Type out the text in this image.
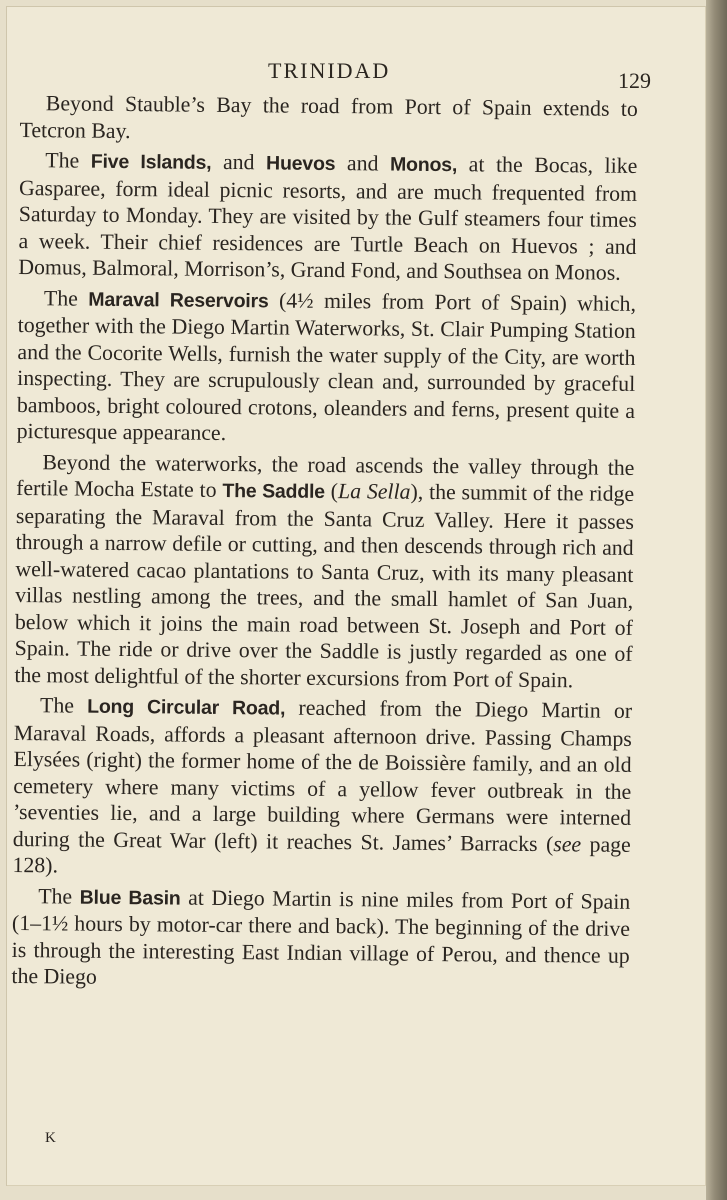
TRINIDAD	129

Beyond Stauble’s Bay the road from Port of Spain extends to Tetcron Bay.

The Five Islands, and Huevos and Monos, at the Bocas, like Gasparee, form ideal picnic resorts, and are much frequented from Saturday to Monday. They are visited by the Gulf steamers four times a week. Their chief residences are Turtle Beach on Huevos ; and Domus, Balmoral, Morrison’s, Grand Fond, and Southsea on Monos.

The Maraval Reservoirs (4½ miles from Port of Spain) which, together with the Diego Martin Waterworks, St. Clair Pumping Station and the Cocorite Wells, furnish the water supply of the City, are worth inspecting. They are scrupulously clean and, surrounded by graceful bamboos, bright coloured crotons, oleanders and ferns, present quite a picturesque appearance.

Beyond the waterworks, the road ascends the valley through the fertile Mocha Estate to The Saddle (La Sella), the summit of the ridge separating the Maraval from the Santa Cruz Valley. Here it passes through a narrow defile or cutting, and then descends through rich and well-watered cacao plantations to Santa Cruz, with its many pleasant villas nestling among the trees, and the small hamlet of San Juan, below which it joins the main road between St. Joseph and Port of Spain. The ride or drive over the Saddle is justly regarded as one of the most delightful of the shorter excursions from Port of Spain.

The Long Circular Road, reached from the Diego Martin or Maraval Roads, affords a pleasant afternoon drive. Passing Champs Elysées (right) the former home of the de Boissière family, and an old cemetery where many victims of a yellow fever outbreak in the ’seventies lie, and a large building where Germans were interned during the Great War (left) it reaches St. James’ Barracks (see page 128).

The Blue Basin at Diego Martin is nine miles from Port of Spain (1–1½ hours by motor-car there and back). The beginning of the drive is through the interesting East Indian village of Perou, and thence up the Diego

K
